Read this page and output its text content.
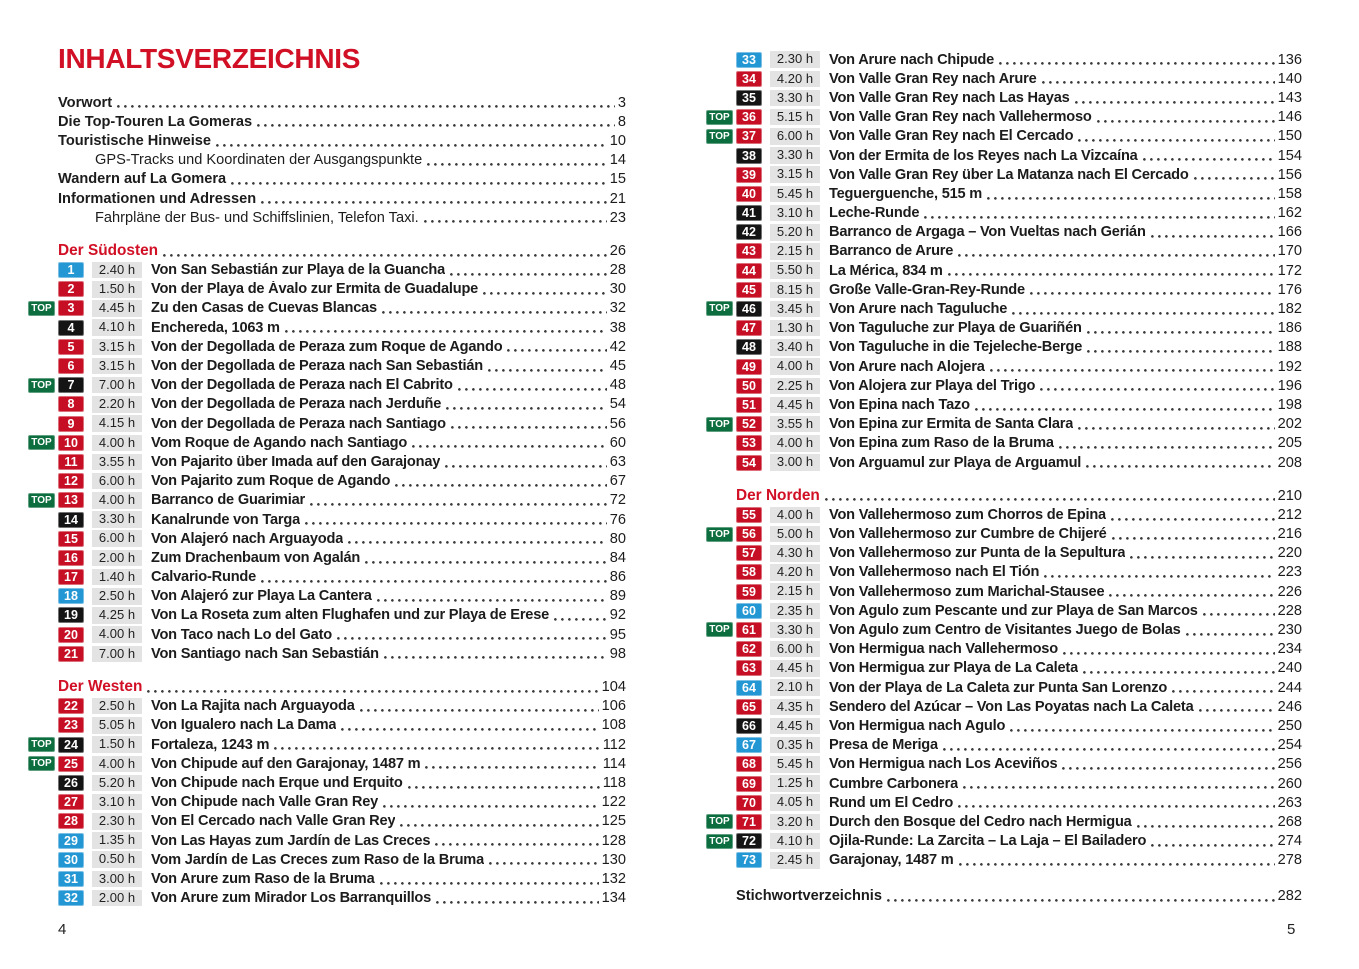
INHALTSVERZEICHNIS
Vorwort	3
Die Top-Touren La Gomeras	8
Touristische Hinweise	10
GPS-Tracks und Koordinaten der Ausgangspunkte	14
Wandern auf La Gomera	15
Informationen und Adressen	21
Fahrpläne der Bus- und Schiffslinien, Telefon Taxi.	23
Der Südosten	26
1	2.40 h	Von San Sebastián zur Playa de la Guancha	28
2	1.50 h	Von der Playa de Ávalo zur Ermita de Guadalupe	30
TOP	3	4.45 h	Zu den Casas de Cuevas Blancas	32
4	4.10 h	Enchereda, 1063 m	38
5	3.15 h	Von der Degollada de Peraza zum Roque de Agando	42
6	3.15 h	Von der Degollada de Peraza nach San Sebastián	45
TOP	7	7.00 h	Von der Degollada de Peraza nach El Cabrito	48
8	2.20 h	Von der Degollada de Peraza nach Jerduñe	54
9	4.15 h	Von der Degollada de Peraza nach Santiago	56
TOP 10	4.00 h	Vom Roque de Agando nach Santiago	60
11	3.55 h	Von Pajarito über Imada auf den Garajonay	63
12	6.00 h	Von Pajarito zum Roque de Agando	67
TOP 13	4.00 h	Barranco de Guarimiar	72
14	3.30 h	Kanalrunde von Targa	76
15	6.00 h	Von Alajeró nach Arguayoda	80
16	2.00 h	Zum Drachenbaum von Agalán	84
17	1.40 h	Calvario-Runde	86
18	2.50 h	Von Alajeró zur Playa La Cantera	89
19	4.25 h	Von La Roseta zum alten Flughafen und zur Playa de Erese	92
20	4.00 h	Von Taco nach Lo del Gato	95
21	7.00 h	Von Santiago nach San Sebastián	98
Der Westen	104
22	2.50 h	Von La Rajita nach Arguayoda	106
23	5.05 h	Von Igualero nach La Dama	108
TOP 24	1.50 h	Fortaleza, 1243 m	112
TOP 25	4.00 h	Von Chipude auf den Garajonay, 1487 m	114
26	5.20 h	Von Chipude nach Erque und Erquito	118
27	3.10 h	Von Chipude nach Valle Gran Rey	122
28	2.30 h	Von El Cercado nach Valle Gran Rey	125
29	1.35 h	Von Las Hayas zum Jardín de Las Creces	128
30	0.50 h	Vom Jardín de Las Creces zum Raso de la Bruma	130
31	3.00 h	Von Arure zum Raso de la Bruma	132
32	2.00 h	Von Arure zum Mirador Los Barranquillos	134
33	2.30 h	Von Arure nach Chipude	136
34	4.20 h	Von Valle Gran Rey nach Arure	140
35	3.30 h	Von Valle Gran Rey nach Las Hayas	143
TOP 36	5.15 h	Von Valle Gran Rey nach Vallehermoso	146
TOP 37	6.00 h	Von Valle Gran Rey nach El Cercado	150
38	3.30 h	Von der Ermita de los Reyes nach La Vizcaína	154
39	3.15 h	Von Valle Gran Rey über La Matanza nach El Cercado	156
40	5.45 h	Teguerguenche, 515 m	158
41	3.10 h	Leche-Runde	162
42	5.20 h	Barranco de Argaga – Von Vueltas nach Gerián	166
43	2.15 h	Barranco de Arure	170
44	5.50 h	La Mérica, 834 m	172
45	8.15 h	Große Valle-Gran-Rey-Runde	176
TOP 46	3.45 h	Von Arure nach Taguluche	182
47	1.30 h	Von Taguluche zur Playa de Guariñén	186
48	3.40 h	Von Taguluche in die Tejeleche-Berge	188
49	4.00 h	Von Arure nach Alojera	192
50	2.25 h	Von Alojera zur Playa del Trigo	196
51	4.45 h	Von Epina nach Tazo	198
TOP 52	3.55 h	Von Epina zur Ermita de Santa Clara	202
53	4.00 h	Von Epina zum Raso de la Bruma	205
54	3.00 h	Von Arguamul zur Playa de Arguamul	208
Der Norden	210
55	4.00 h	Von Vallehermoso zum Chorros de Epina	212
TOP 56	5.00 h	Von Vallehermoso zur Cumbre de Chijeré	216
57	4.30 h	Von Vallehermoso zur Punta de la Sepultura	220
58	4.20 h	Von Vallehermoso nach El Tión	223
59	2.15 h	Von Vallehermoso zum Marichal-Stausee	226
60	2.35 h	Von Agulo zum Pescante und zur Playa de San Marcos	228
TOP 61	3.30 h	Von Agulo zum Centro de Visitantes Juego de Bolas	230
62	6.00 h	Von Hermigua nach Vallehermoso	234
63	4.45 h	Von Hermigua zur Playa de La Caleta	240
64	2.10 h	Von der Playa de La Caleta zur Punta San Lorenzo	244
65	4.35 h	Sendero del Azúcar – Von Las Poyatas nach La Caleta	246
66	4.45 h	Von Hermigua nach Agulo	250
67	0.35 h	Presa de Meriga	254
68	5.45 h	Von Hermigua nach Los Aceviños	256
69	1.25 h	Cumbre Carbonera	260
70	4.05 h	Rund um El Cedro	263
TOP 71	3.20 h	Durch den Bosque del Cedro nach Hermigua	268
TOP 72	4.10 h	Ojila-Runde: La Zarcita – La Laja – El Bailadero	274
73	2.45 h	Garajonay, 1487 m	278
Stichwortverzeichnis	282
4	5
